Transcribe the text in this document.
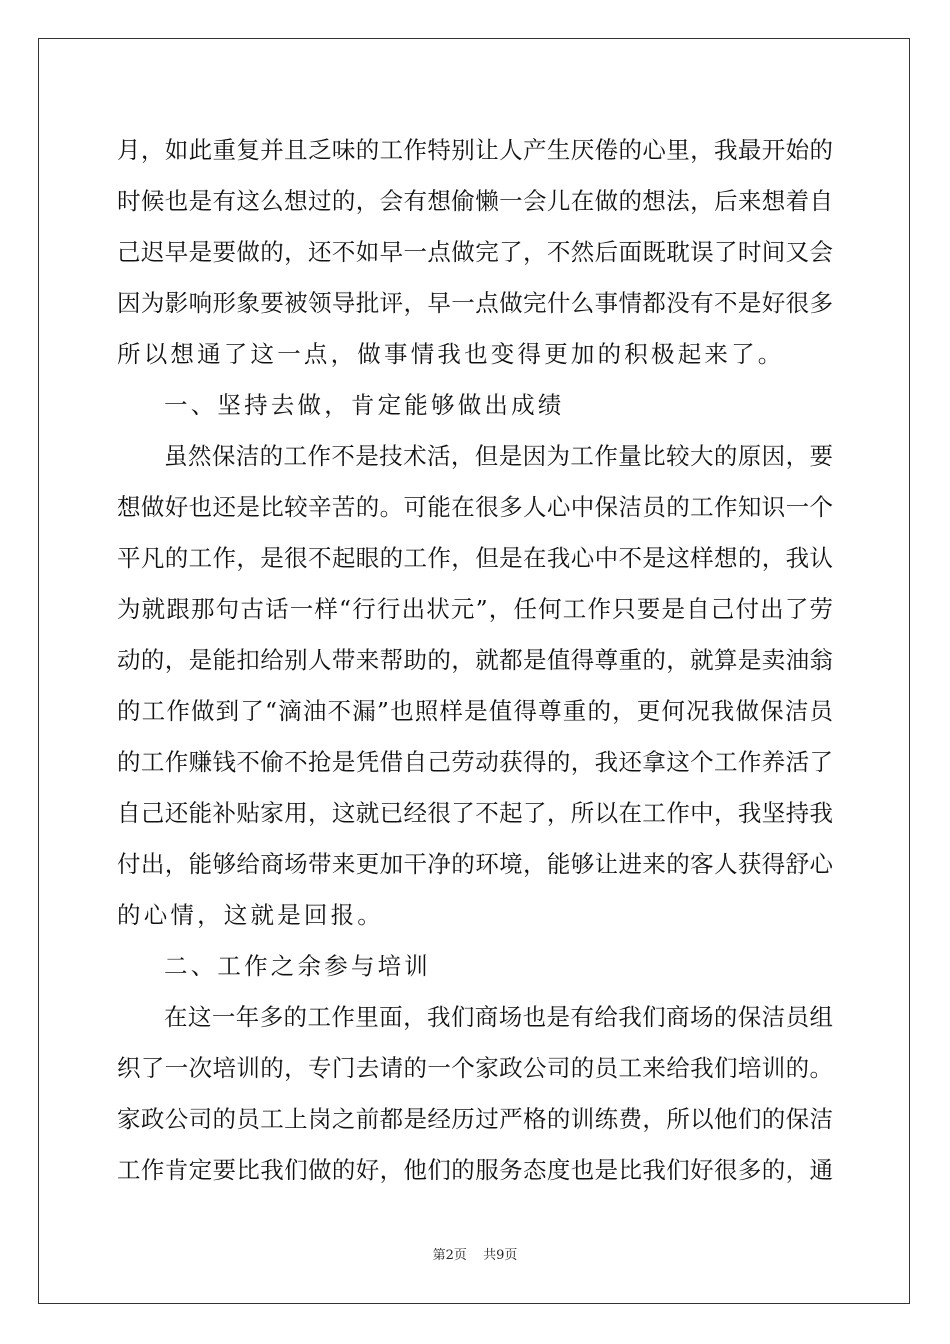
月，如此重复并且乏味的工作特别让人产生厌倦的心里，我最开始的
时候也是有这么想过的，会有想偷懒一会儿在做的想法，后来想着自
己迟早是要做的，还不如早一点做完了，不然后面既耽误了时间又会
因为影响形象要被领导批评，早一点做完什么事情都没有不是好很多
所以想通了这一点，做事情我也变得更加的积极起来了。
一、坚持去做，肯定能够做出成绩
虽然保洁的工作不是技术活，但是因为工作量比较大的原因，要
想做好也还是比较辛苦的。可能在很多人心中保洁员的工作知识一个
平凡的工作，是很不起眼的工作，但是在我心中不是这样想的，我认
为就跟那句古话一样“行行出状元”，任何工作只要是自己付出了劳
动的，是能扣给别人带来帮助的，就都是值得尊重的，就算是卖油翁
的工作做到了“滴油不漏”也照样是值得尊重的，更何况我做保洁员
的工作赚钱不偷不抢是凭借自己劳动获得的，我还拿这个工作养活了
自己还能补贴家用，这就已经很了不起了，所以在工作中，我坚持我
付出，能够给商场带来更加干净的环境，能够让进来的客人获得舒心
的心情，这就是回报。
二、工作之余参与培训
在这一年多的工作里面，我们商场也是有给我们商场的保洁员组
织了一次培训的，专门去请的一个家政公司的员工来给我们培训的。
家政公司的员工上岗之前都是经历过严格的训练费，所以他们的保洁
工作肯定要比我们做的好，他们的服务态度也是比我们好很多的，通
第2页 共9页
